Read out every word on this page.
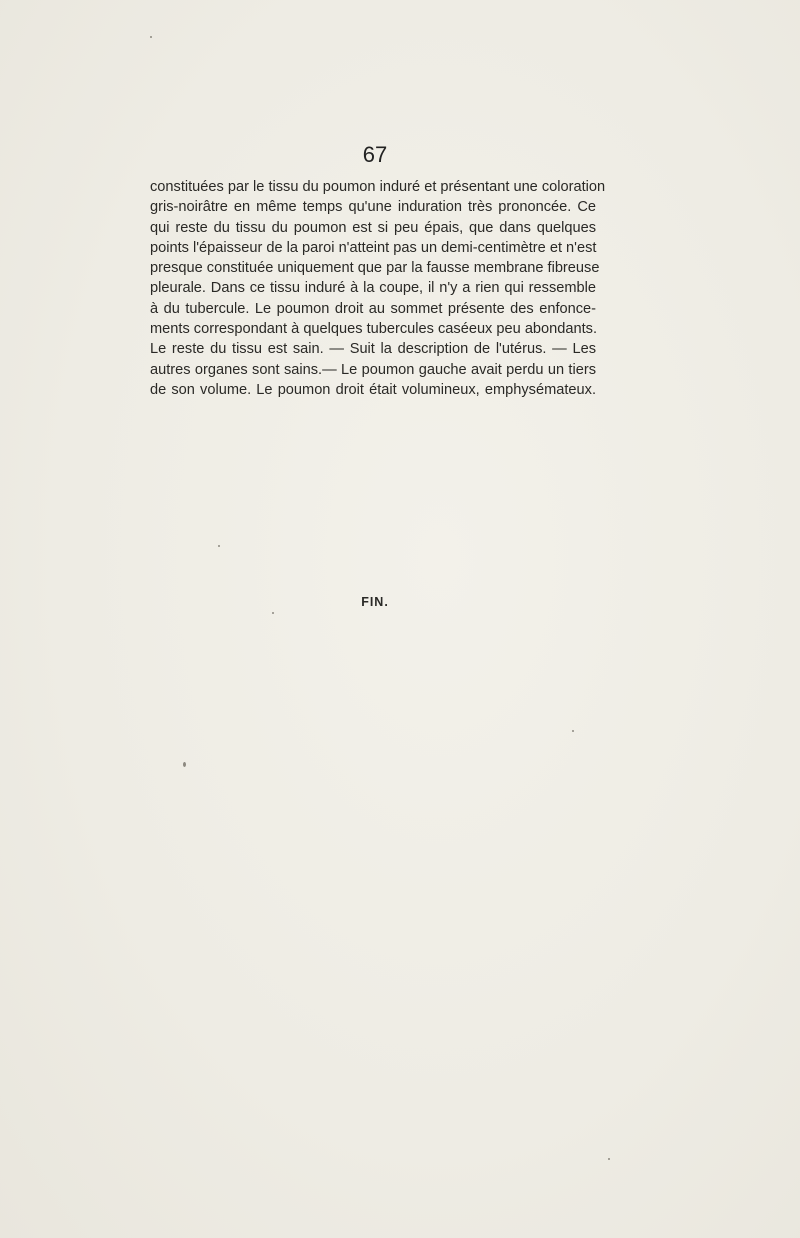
67
constituées par le tissu du poumon induré et présentant une coloration
gris-noirâtre en même temps qu'une induration très prononcée. Ce
qui reste du tissu du poumon est si peu épais, que dans quelques
points l'épaisseur de la paroi n'atteint pas un demi-centimètre et n'est
presque constituée uniquement que par la fausse membrane fibreuse
pleurale. Dans ce tissu induré à la coupe, il n'y a rien qui ressemble
à du tubercule. Le poumon droit au sommet présente des enfonce-
ments correspondant à quelques tubercules caséeux peu abondants.
Le reste du tissu est sain. — Suit la description de l'utérus. — Les
autres organes sont sains.— Le poumon gauche avait perdu un tiers
de son volume. Le poumon droit était volumineux, emphysémateux.
FIN.
